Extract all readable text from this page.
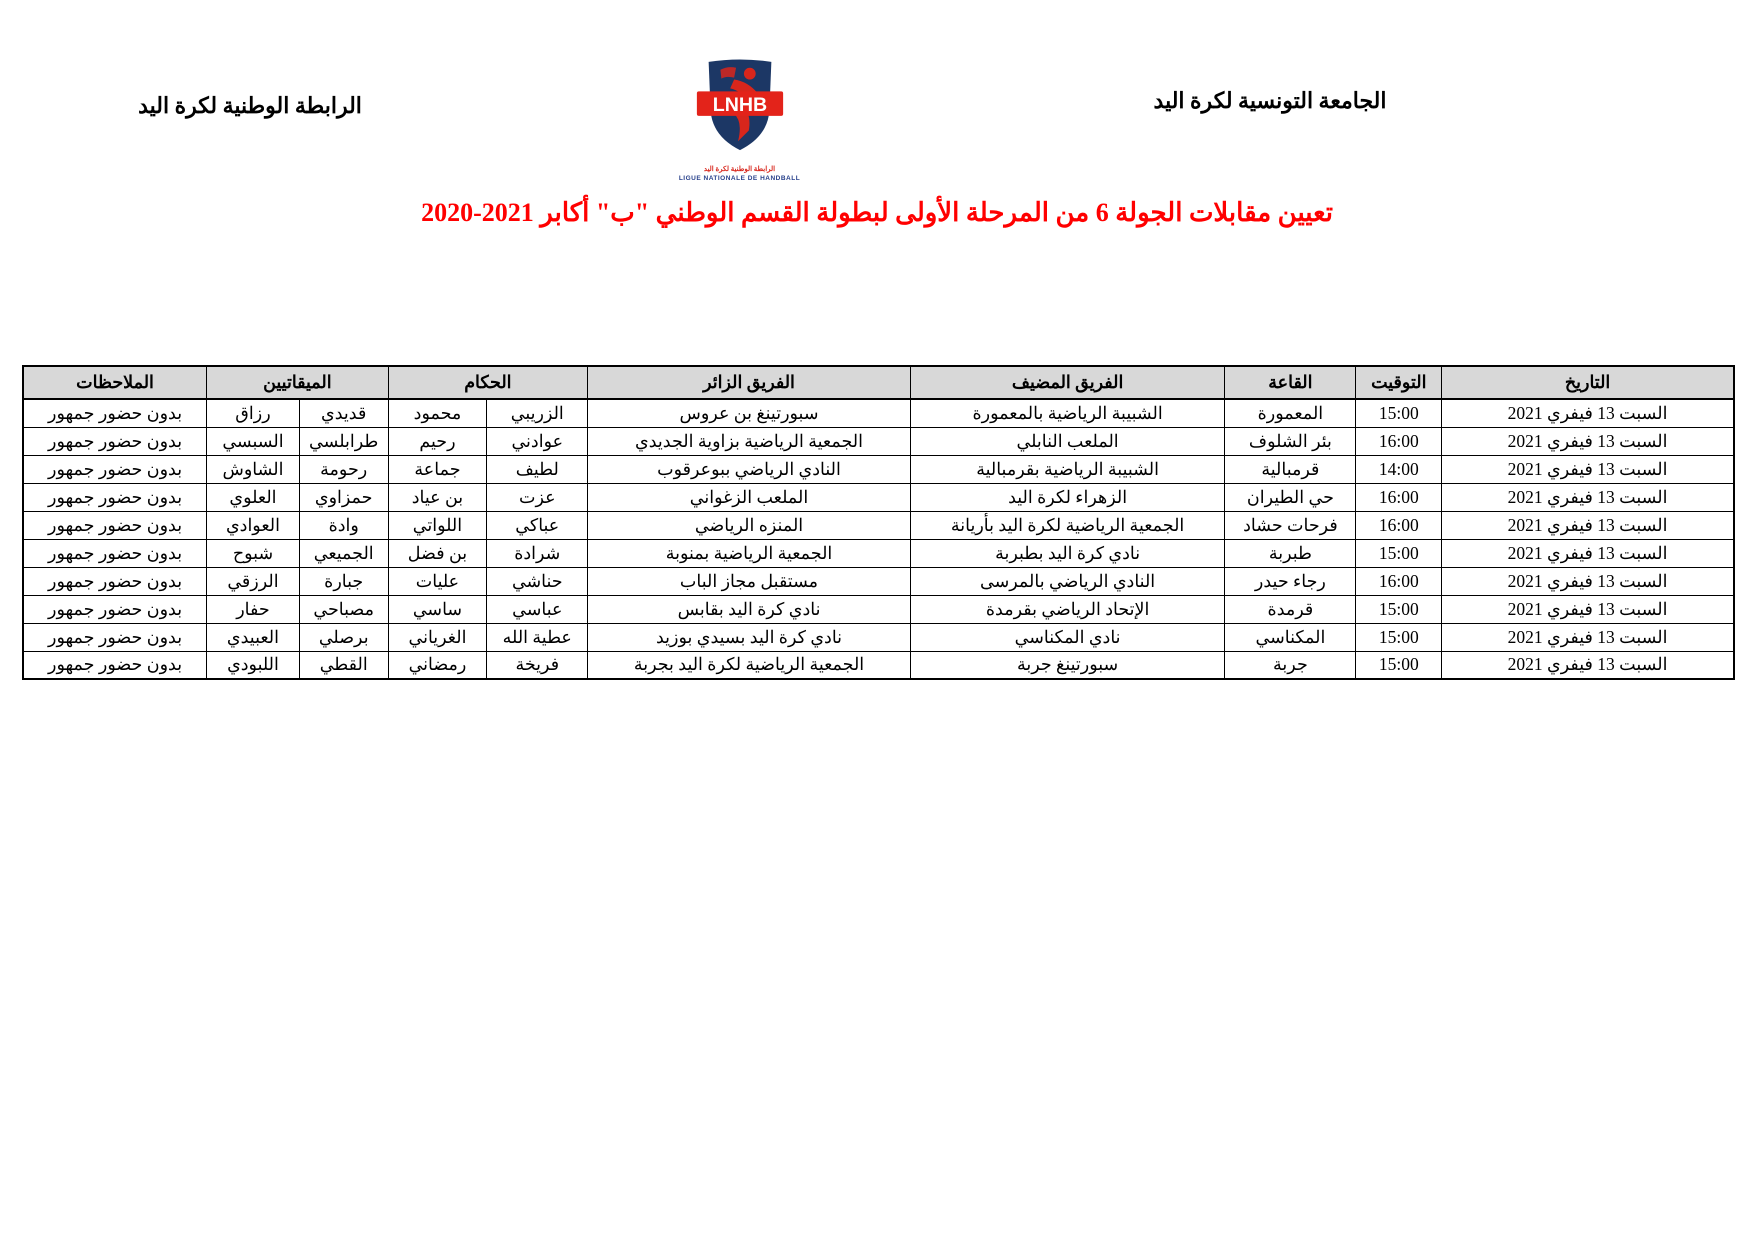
الرابطة الوطنية لكرة اليد	الجامعة التونسية لكرة اليد
LNHB
الرابطة الوطنية لكرة اليد
LIGUE NATIONALE DE HANDBALL
تعيين مقابلات الجولة 6 من المرحلة الأولى لبطولة القسم الوطني "ب" أكابر 2021-2020
التاريخ	التوقيت	القاعة	الفريق المضيف	الفريق الزائر	الحكام		الميقاتيين		الملاحظات
السبت 13 فيفري 2021	15:00	المعمورة	الشبيبة الرياضية بالمعمورة	سبورتينغ بن عروس	الزريبي	محمود	قديدي	رزاق	بدون حضور جمهور
السبت 13 فيفري 2021	16:00	بئر الشلوف	الملعب النابلي	الجمعية الرياضية بزاوية الجديدي	عوادني	رحيم	طرابلسي	السبسي	بدون حضور جمهور
السبت 13 فيفري 2021	14:00	قرمبالية	الشبيبة الرياضية بقرمبالية	النادي الرياضي ببوعرقوب	لطيف	جماعة	رحومة	الشاوش	بدون حضور جمهور
السبت 13 فيفري 2021	16:00	حي الطيران	الزهراء لكرة اليد	الملعب الزغواني	عزت	بن عياد	حمزاوي	العلوي	بدون حضور جمهور
السبت 13 فيفري 2021	16:00	فرحات حشاد	الجمعية الرياضية لكرة اليد بأريانة	المنزه الرياضي	عباكي	اللواتي	وادة	العوادي	بدون حضور جمهور
السبت 13 فيفري 2021	15:00	طبربة	نادي كرة اليد بطبربة	الجمعية الرياضية بمنوبة	شرادة	بن فضل	الجميعي	شبوح	بدون حضور جمهور
السبت 13 فيفري 2021	16:00	رجاء حيدر	النادي الرياضي بالمرسى	مستقبل مجاز الباب	حناشي	عليات	جبارة	الرزقي	بدون حضور جمهور
السبت 13 فيفري 2021	15:00	قرمدة	الإتحاد الرياضي بقرمدة	نادي كرة اليد بقابس	عباسي	ساسي	مصباحي	حفار	بدون حضور جمهور
السبت 13 فيفري 2021	15:00	المكناسي	نادي المكناسي	نادي كرة اليد بسيدي بوزيد	عطية الله	الغرياني	برصلي	العبيدي	بدون حضور جمهور
السبت 13 فيفري 2021	15:00	جربة	سبورتينغ جربة	الجمعية الرياضية لكرة اليد بجربة	فريخة	رمضاني	القطي	اللبودي	بدون حضور جمهور
